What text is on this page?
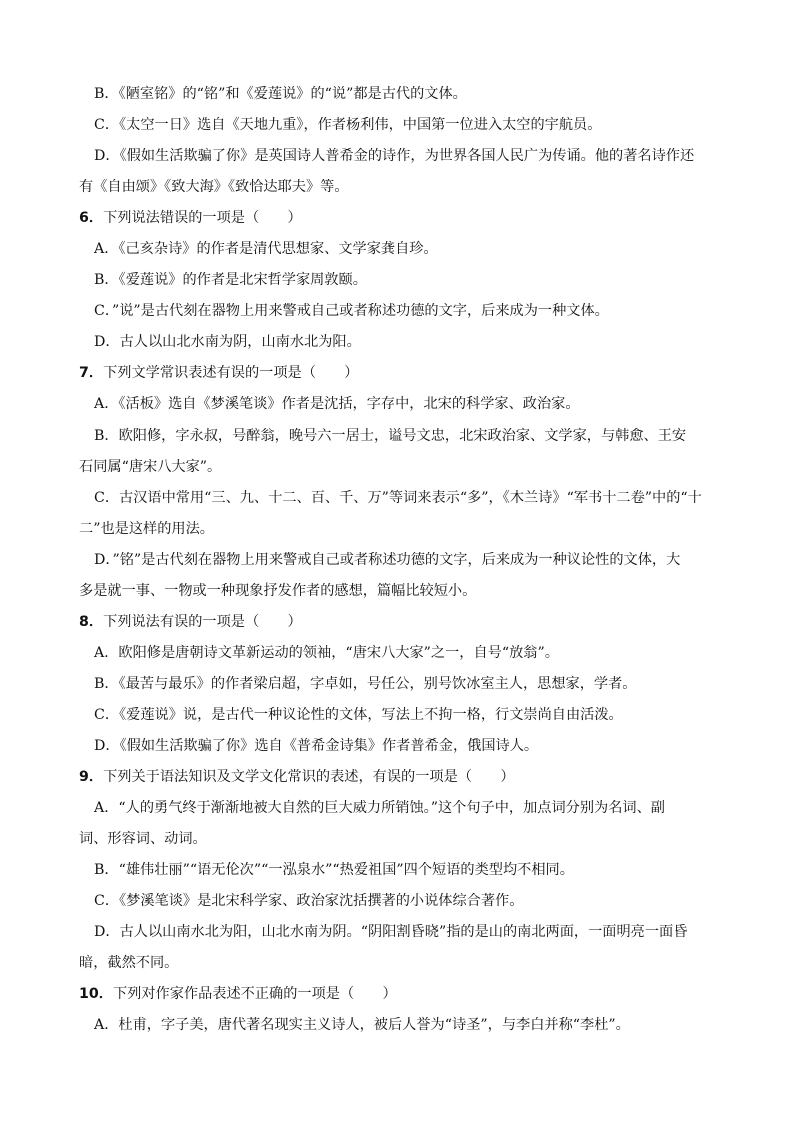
B．《陋室铭》的“铭”和《爱莲说》的“说”都是古代的文体。
C．《太空一日》选自《天地九重》，作者杨利伟，中国第一位进入太空的宇航员。
D．《假如生活欺骗了你》是英国诗人普希金的诗作，为世界各国人民广为传诵。他的著名诗作还
有《自由颂》《致大海》《致恰达耶夫》等。
6．下列说法错误的一项是（　　）
A．《己亥杂诗》的作者是清代思想家、文学家龚自珍。
B．《爱莲说》的作者是北宋哲学家周敦颐。
C．”说”是古代刻在器物上用来警戒自己或者称述功德的文字，后来成为一种文体。
D．古人以山北水南为阴，山南水北为阳。
7．下列文学常识表述有误的一项是（　　）
A．《活板》选自《梦溪笔谈》作者是沈括，字存中，北宋的科学家、政治家。
B．欧阳修，字永叔，号醉翁，晚号六一居士，谥号文忠，北宋政治家、文学家，与韩愈、王安
石同属“唐宋八大家”。
C．古汉语中常用“三、九、十二、百、千、万”等词来表示“多”，《木兰诗》“军书十二卷”中的“十
二”也是这样的用法。
D．”铭”是古代刻在器物上用来警戒自己或者称述功德的文字，后来成为一种议论性的文体，大
多是就一事、一物或一种现象抒发作者的感想，篇幅比较短小。
8．下列说法有误的一项是（　　）
A．欧阳修是唐朝诗文革新运动的领袖，“唐宋八大家”之一，自号“放翁”。
B．《最苦与最乐》的作者梁启超，字卓如，号任公，别号饮冰室主人，思想家，学者。
C．《爱莲说》说，是古代一种议论性的文体，写法上不拘一格，行文崇尚自由活泼。
D．《假如生活欺骗了你》选自《普希金诗集》作者普希金，俄国诗人。
9．下列关于语法知识及文学文化常识的表述，有误的一项是（　　）
A．“人的勇气终于渐渐地被大自然的巨大威力所销蚀。”这个句子中，加点词分别为名词、副
词、形容词、动词。
B．“雄伟壮丽”“语无伦次”“一泓泉水”“热爱祖国”四个短语的类型均不相同。
C．《梦溪笔谈》是北宋科学家、政治家沈括撰著的小说体综合著作。
D．古人以山南水北为阳，山北水南为阴。“阴阳割昏晓”指的是山的南北两面，一面明亮一面昏
暗，截然不同。
10．下列对作家作品表述不正确的一项是（　　）
A．杜甫，字子美，唐代著名现实主义诗人，被后人誉为“诗圣”，与李白并称“李杜”。
